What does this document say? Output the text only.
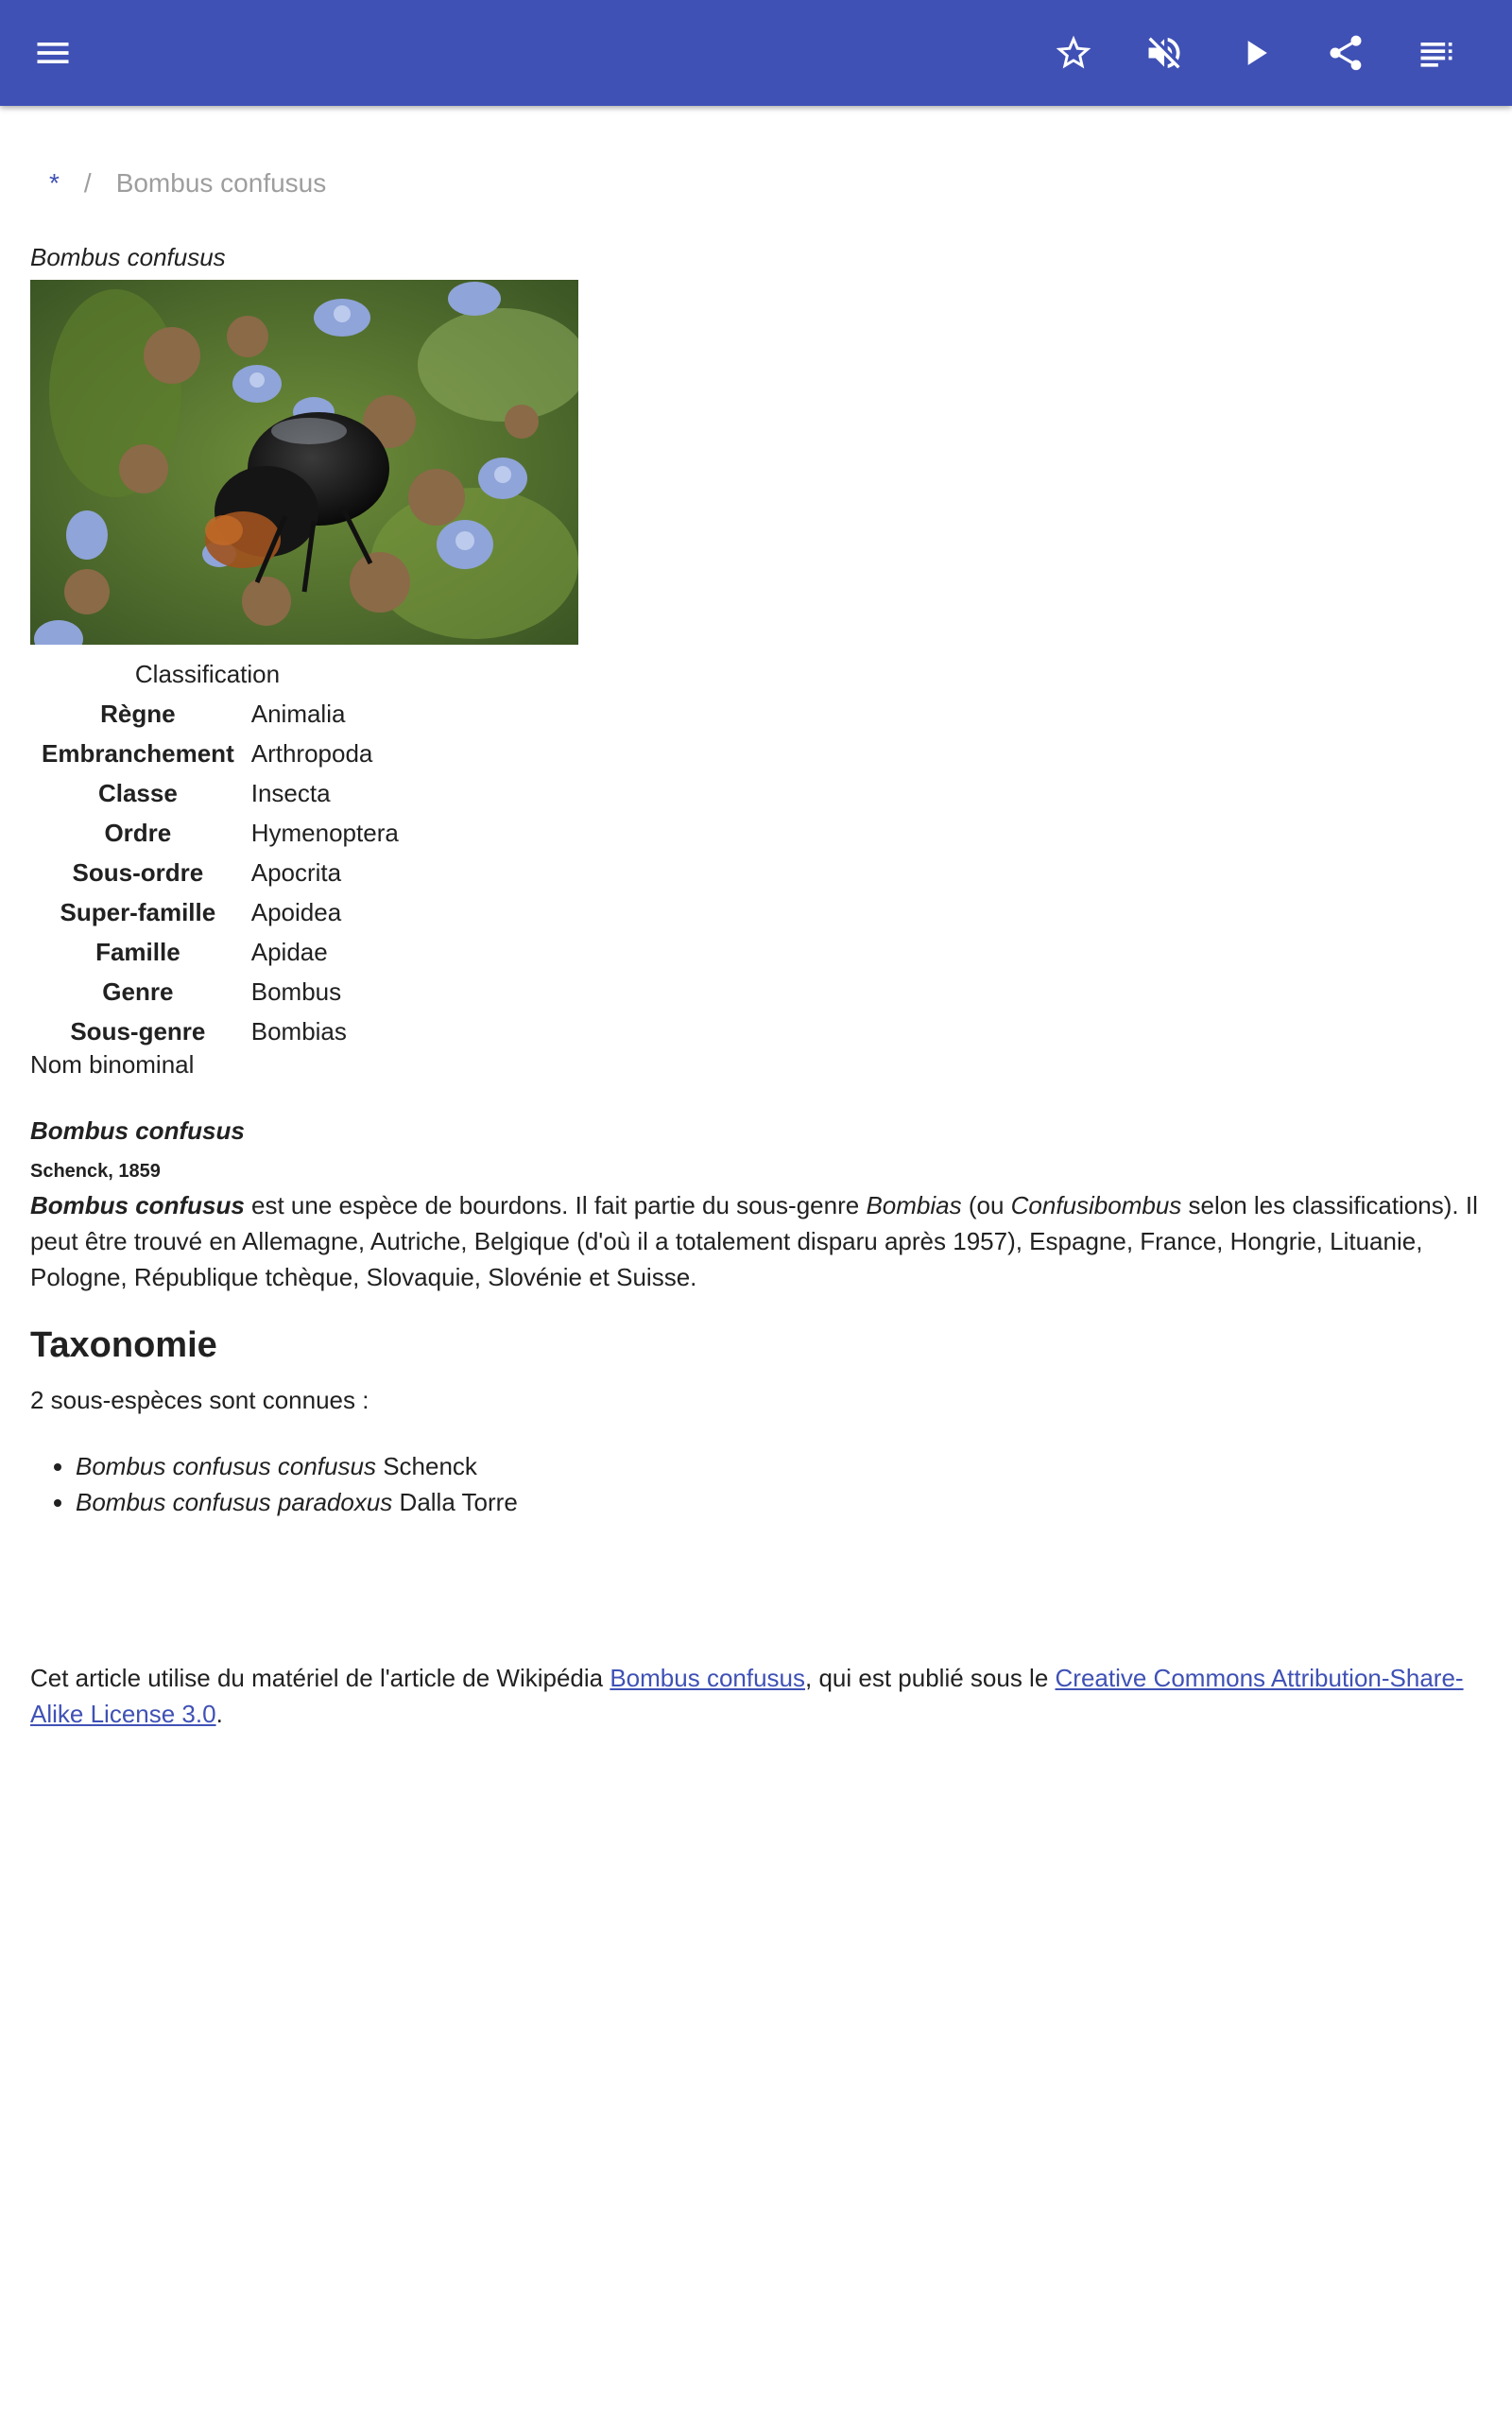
* / Bombus confusus
Bombus confusus
Classification
Règne	Animalia
Embranchement	Arthropoda
Classe	Insecta
Ordre	Hymenoptera
Sous-ordre	Apocrita
Super-famille	Apoidea
Famille	Apidae
Genre	Bombus
Sous-genre	Bombias
Nom binominal
Bombus confusus
Schenck, 1859
Bombus confusus est une espèce de bourdons. Il fait partie du sous-genre Bombias (ou Confusibombus selon les classifications). Il peut être trouvé en Allemagne, Autriche, Belgique (d'où il a totalement disparu après 1957), Espagne, France, Hongrie, Lituanie, Pologne, République tchèque, Slovaquie, Slovénie et Suisse.
Taxonomie
2 sous-espèces sont connues :
• Bombus confusus confusus Schenck
• Bombus confusus paradoxus Dalla Torre
Cet article utilise du matériel de l'article de Wikipédia Bombus confusus, qui est publié sous le Creative Commons Attribution-Share-Alike License 3.0.
